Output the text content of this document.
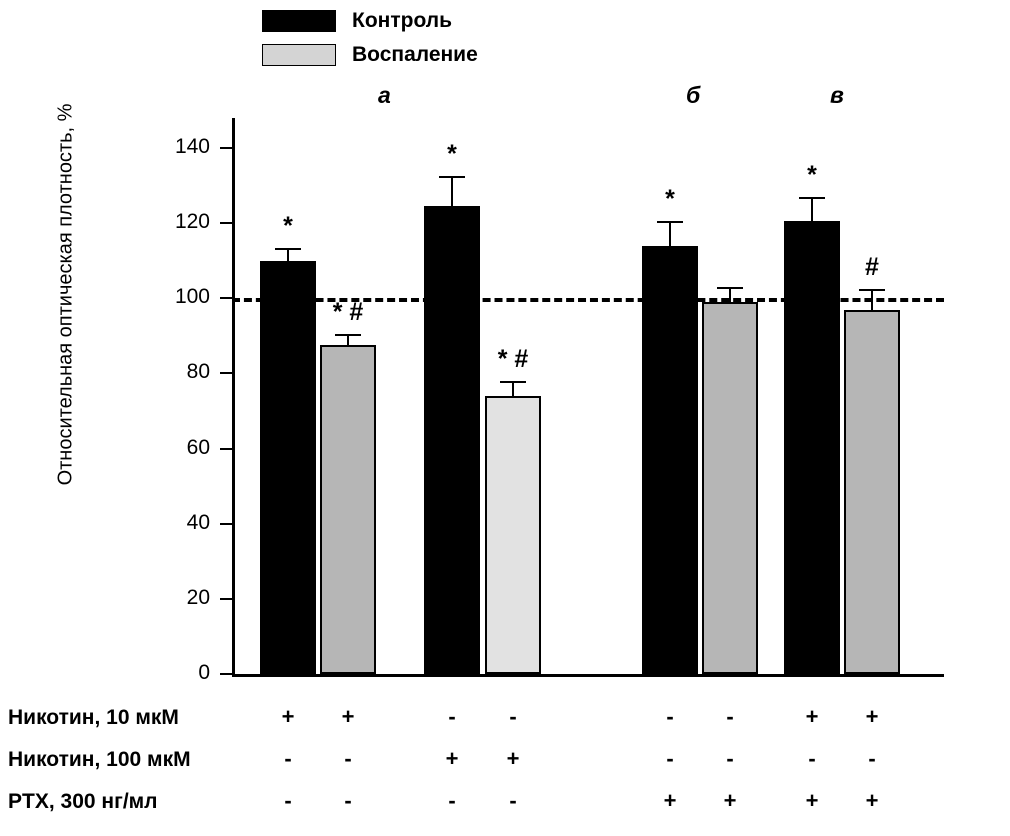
Контроль
Воспаление
а	б	в
Относительная оптическая плотность, %
0
20
40
60
80
100
120
140
*
* #
*
* #
*
*
#
Никотин, 10 мкМ	+	+	-	-	-	-	+	+
Никотин, 100 мкМ	-	-	+	+	-	-	-	-
PTX, 300 нг/мл	-	-	-	-	+	+	+	+
